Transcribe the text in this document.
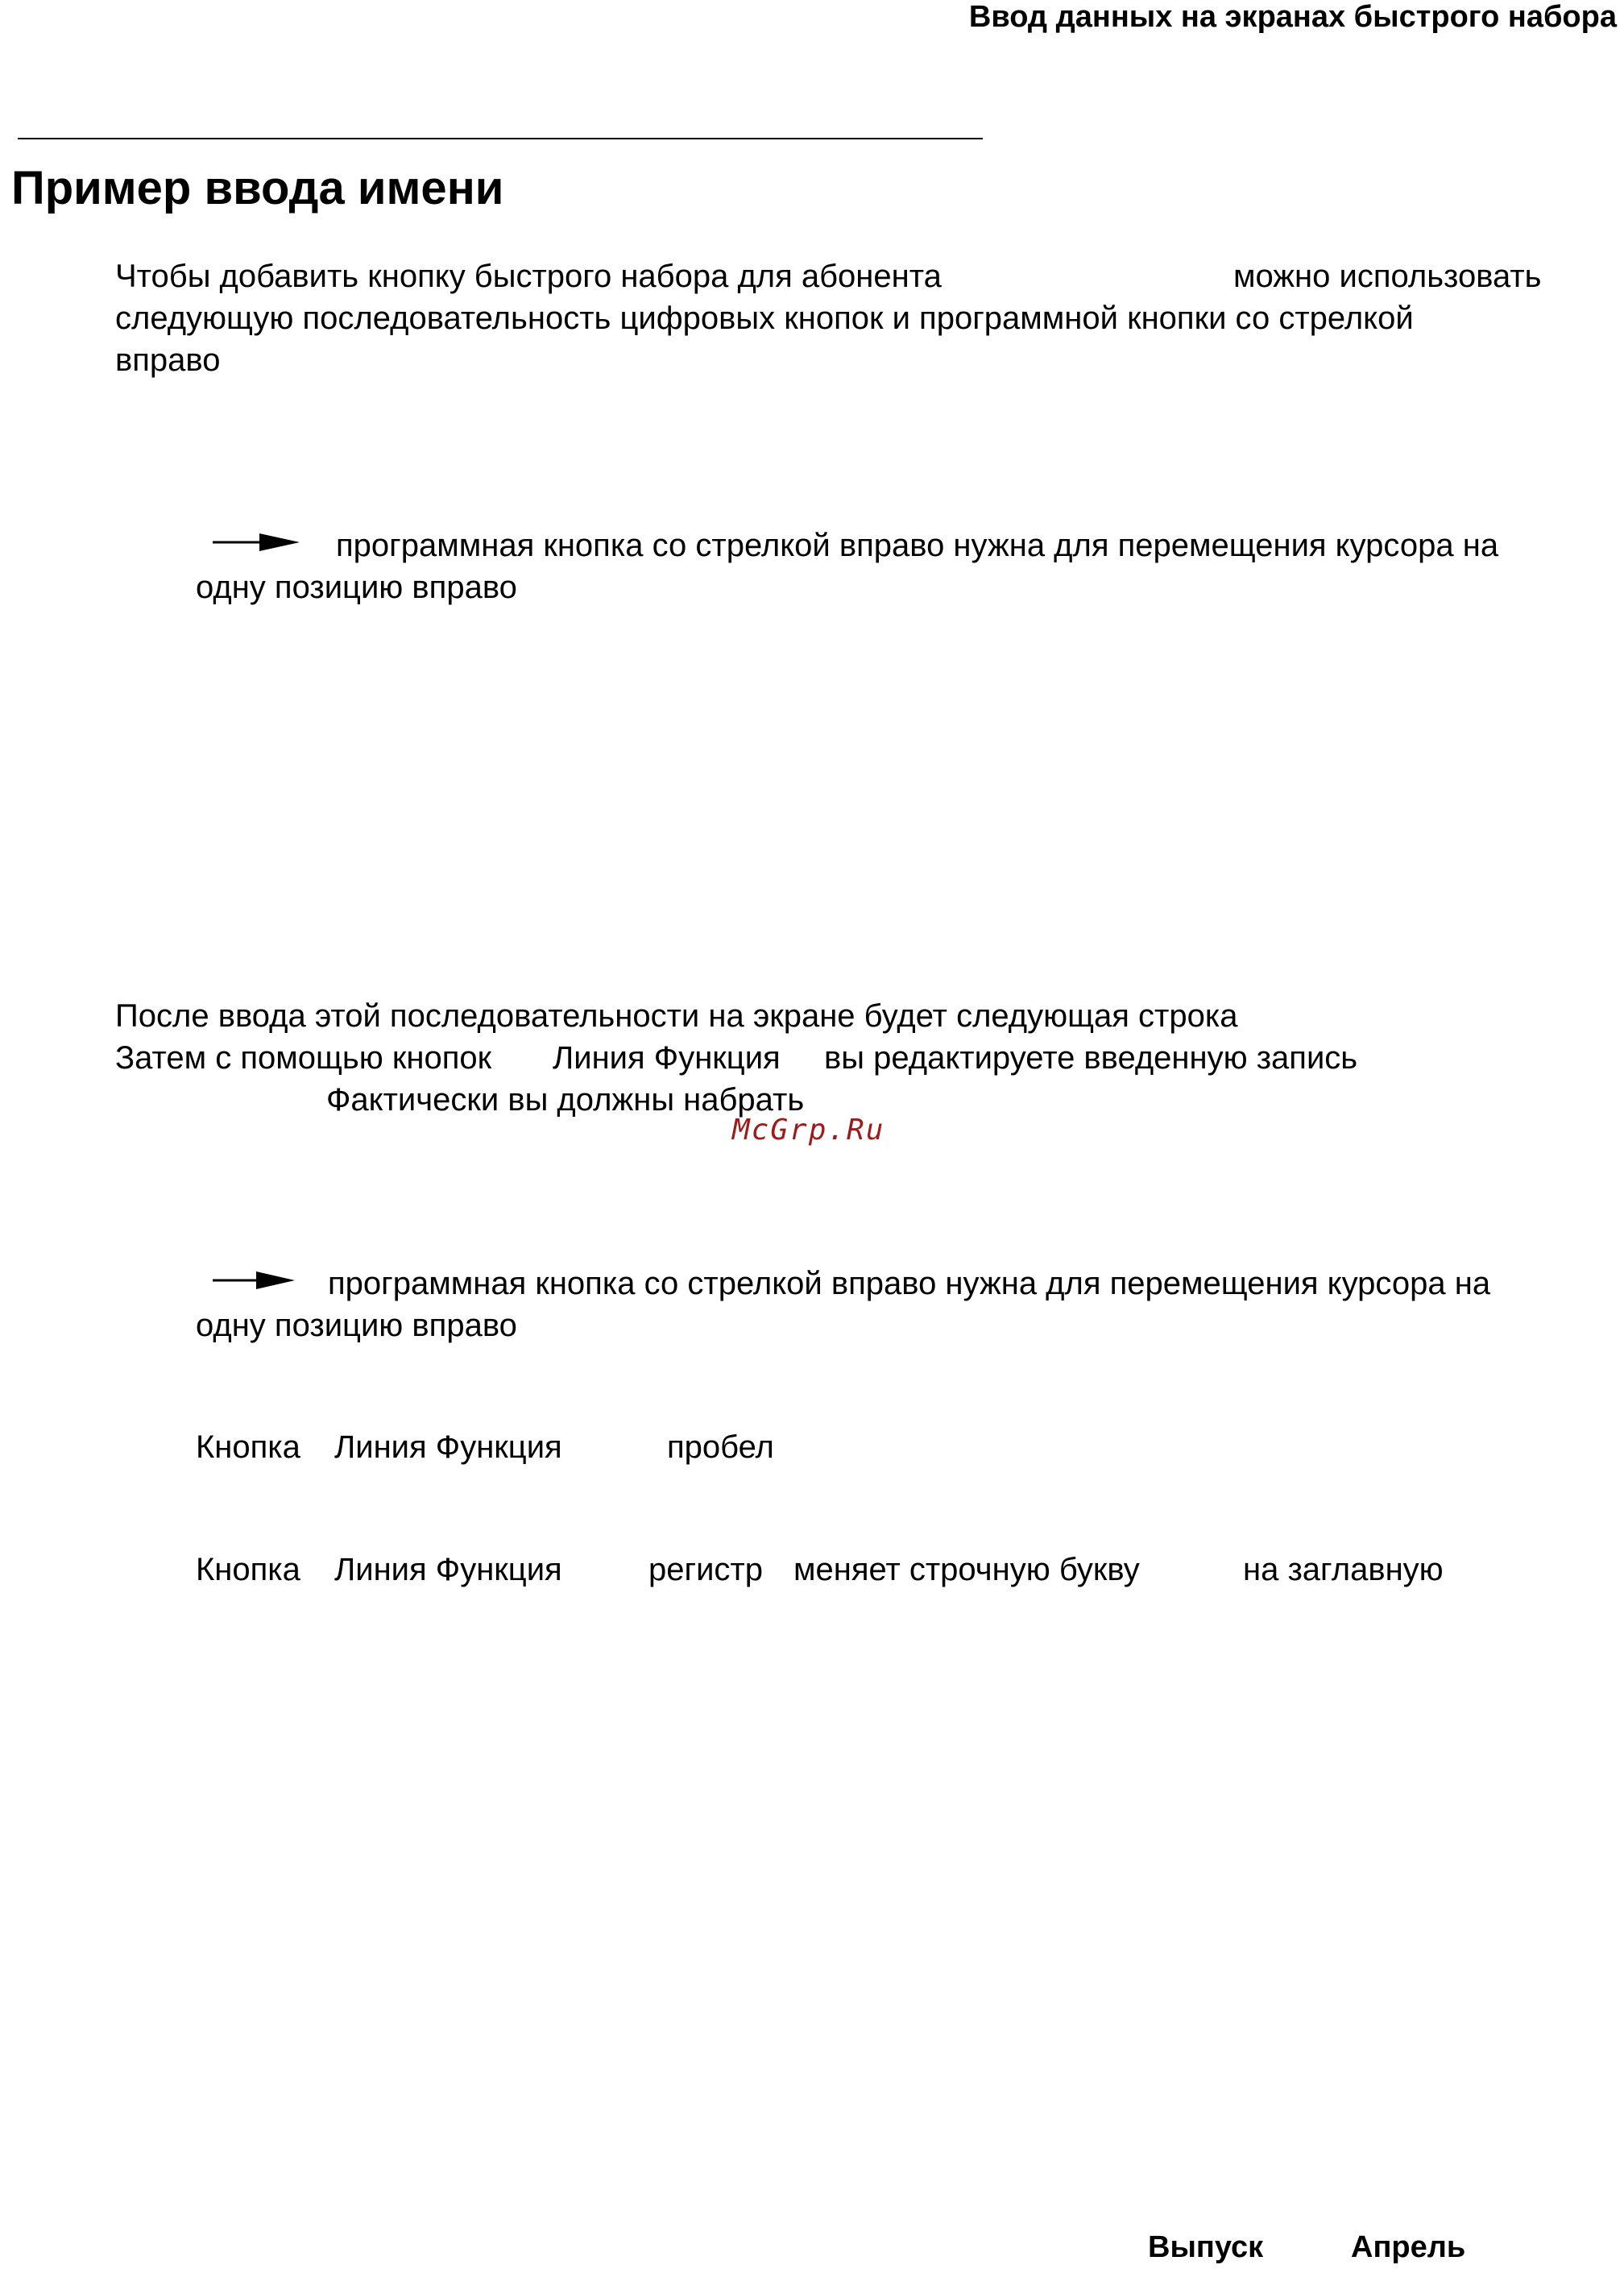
Ввод данных на экранах быстрого набора
Пример ввода имени
Чтобы добавить кнопку быстрого набора для абонента	можно использовать
следующую последовательность цифровых кнопок и программной кнопки со стрелкой
вправо
программная кнопка со стрелкой вправо нужна для перемещения курсора на
одну позицию вправо
После ввода этой последовательности на экране будет следующая строка
Затем с помощью кнопок Линия Функция вы редактируете введенную запись
Фактически вы должны набрать
McGrp.Ru
программная кнопка со стрелкой вправо нужна для перемещения курсора на
одну позицию вправо
Кнопка Линия Функция	пробел
Кнопка Линия Функция	регистр меняет строчную букву	на заглавную
Выпуск	Апрель
